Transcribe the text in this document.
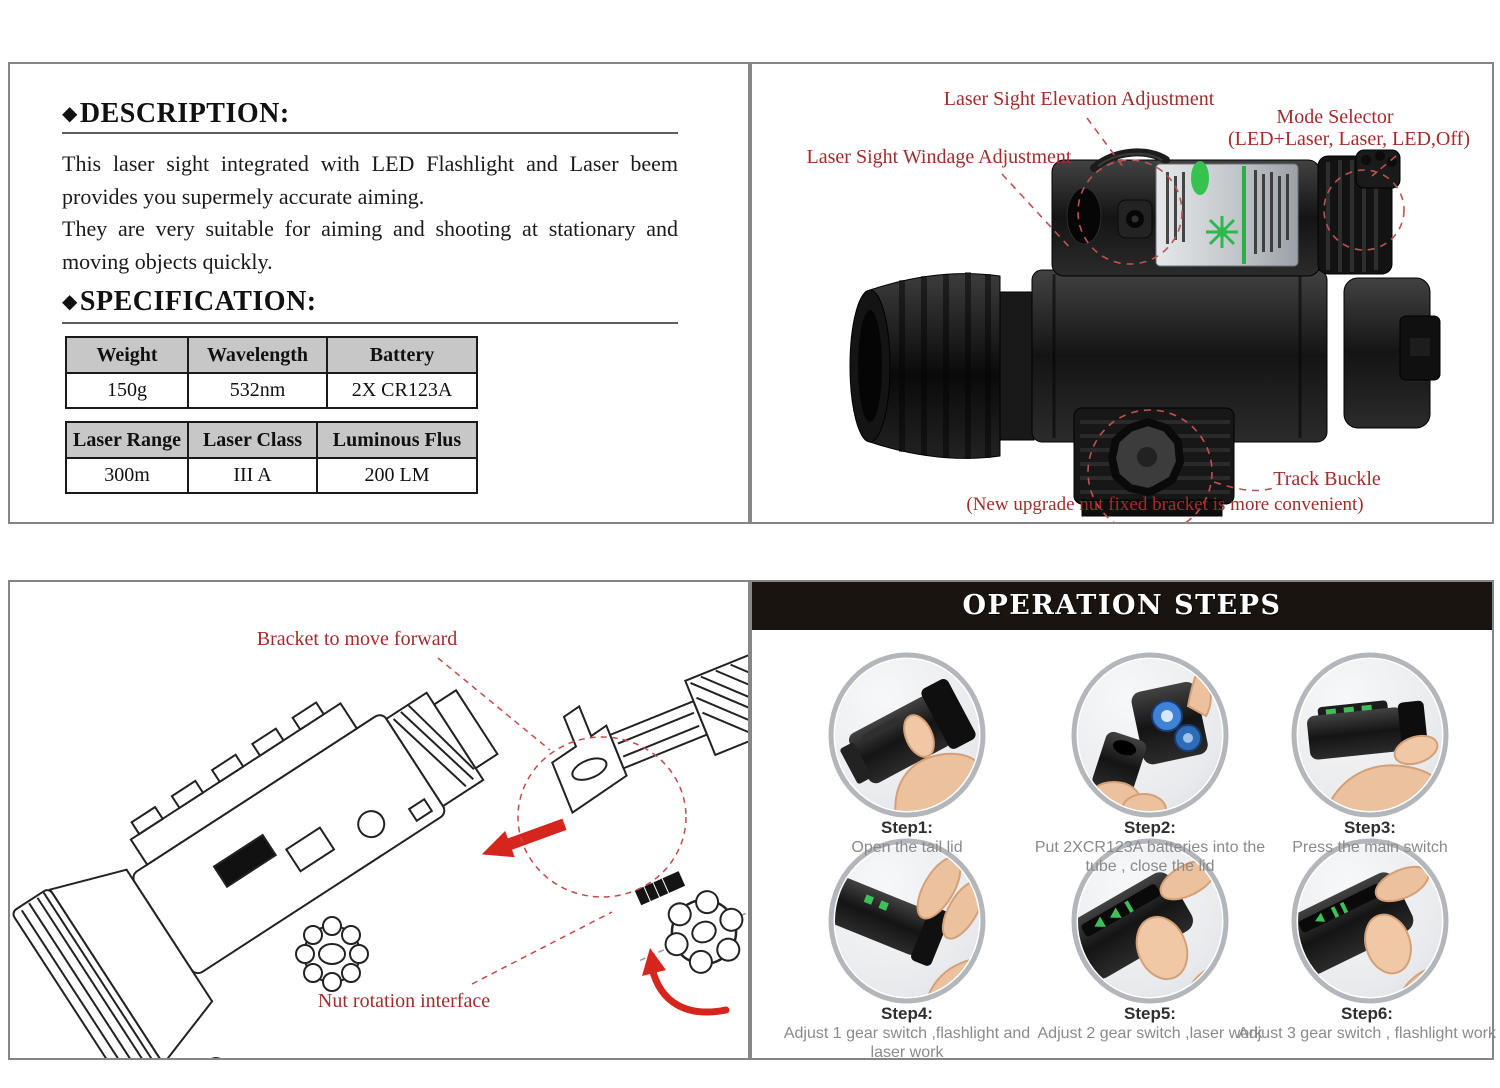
◆DESCRIPTION:

This laser sight integrated with LED Flashlight and Laser beem provides you supermely accurate aiming.

They are very suitable for aiming and shooting at stationary and moving objects quickly.

◆SPECIFICATION:
Weight	Wavelength	Battery
150g	532nm	2X CR123A
Laser Range	Laser Class	Luminous Flus
300m	III A	200 LM
Laser Sight Elevation Adjustment
Mode Selector
(LED+Laser, Laser, LED,Off)
Laser Sight Windage Adjustment
Track Buckle
(New upgrade nut fixed bracket is more convenient)
Bracket to move forward
Nut rotation interface
OPERATION STEPS
Step1:
Open the tail lid
Step2:
Put 2XCR123A batteries into the tube , close the lid
Step3:
Press the main switch
Step4:
Adjust 1 gear switch ,flashlight and laser work
Step5:
Adjust 2 gear switch ,laser work
Step6:
Adjust 3 gear switch , flashlight work
